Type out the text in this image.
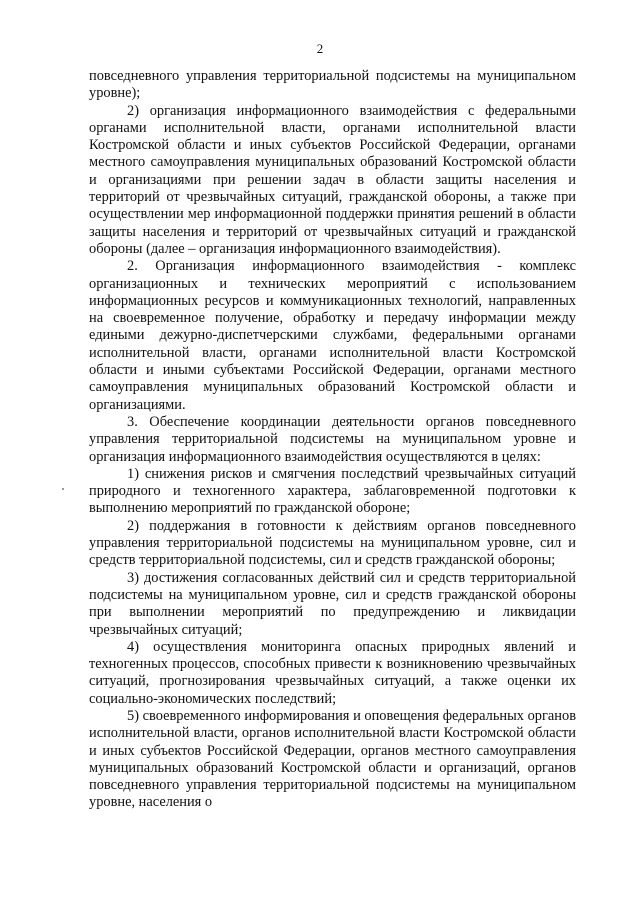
2

повседневного управления территориальной подсистемы на муниципальном уровне);

2) организация информационного взаимодействия с федеральными органами исполнительной власти, органами исполнительной власти Костромской области и иных субъектов Российской Федерации, органами местного самоуправления муниципальных образований Костромской области и организациями при решении задач в области защиты населения и территорий от чрезвычайных ситуаций, гражданской обороны, а также при осуществлении мер информационной поддержки принятия решений в области защиты населения и территорий от чрезвычайных ситуаций и гражданской обороны (далее – организация информационного взаимодействия).

2. Организация информационного взаимодействия - комплекс организационных и технических мероприятий с использованием информационных ресурсов и коммуникационных технологий, направленных на своевременное получение, обработку и передачу информации между едиными дежурно-диспетчерскими службами, федеральными органами исполнительной власти, органами исполнительной власти Костромской области и иными субъектами Российской Федерации, органами местного самоуправления муниципальных образований Костромской области и организациями.

3. Обеспечение координации деятельности органов повседневного управления территориальной подсистемы на муниципальном уровне и организация информационного взаимодействия осуществляются в целях:

1) снижения рисков и смягчения последствий чрезвычайных ситуаций природного и техногенного характера, заблаговременной подготовки к выполнению мероприятий по гражданской обороне;

2) поддержания в готовности к действиям органов повседневного управления территориальной подсистемы на муниципальном уровне, сил и средств территориальной подсистемы, сил и средств гражданской обороны;

3) достижения согласованных действий сил и средств территориальной подсистемы на муниципальном уровне, сил и средств гражданской обороны при выполнении мероприятий по предупреждению и ликвидации чрезвычайных ситуаций;

4) осуществления мониторинга опасных природных явлений и техногенных процессов, способных привести к возникновению чрезвычайных ситуаций, прогнозирования чрезвычайных ситуаций, а также оценки их социально-экономических последствий;

5) своевременного информирования и оповещения федеральных органов исполнительной власти, органов исполнительной власти Костромской области и иных субъектов Российской Федерации, органов местного самоуправления муниципальных образований Костромской области и организаций, органов повседневного управления территориальной подсистемы на муниципальном уровне, населения о
